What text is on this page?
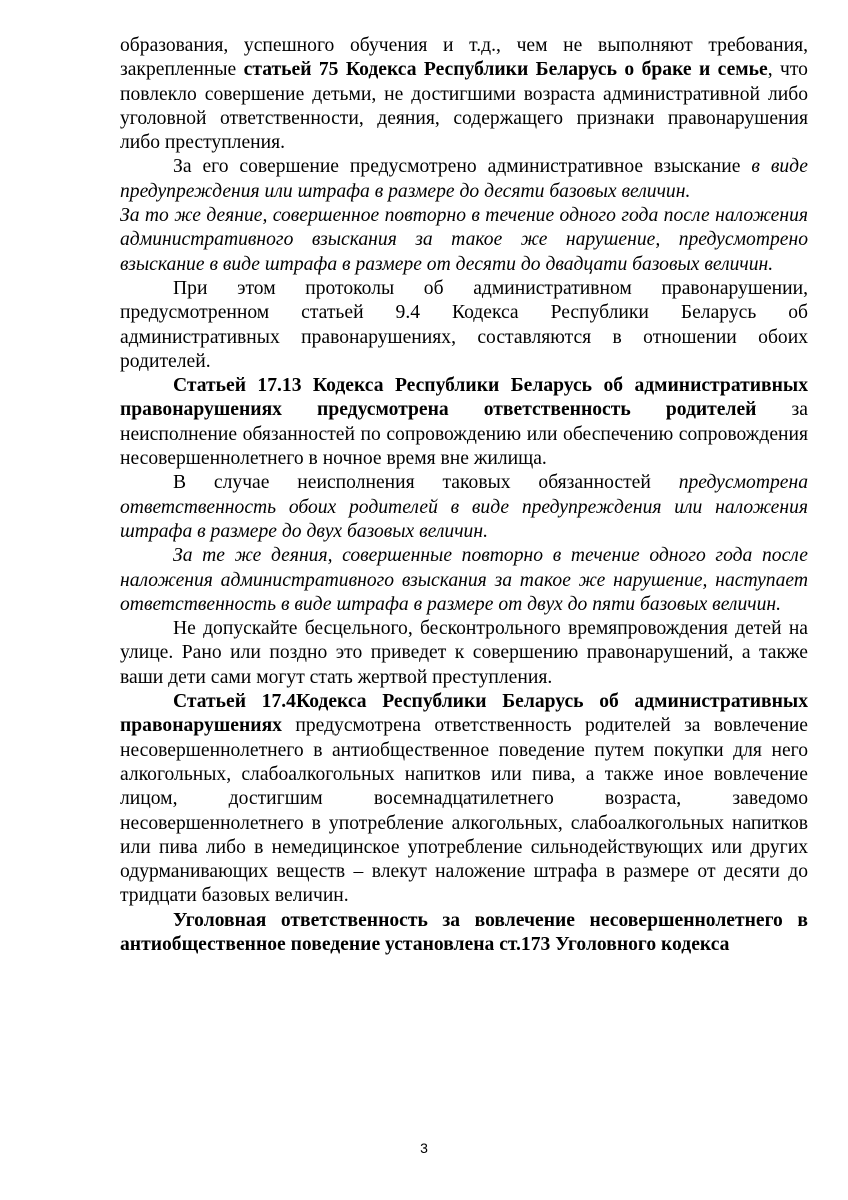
образования, успешного обучения и т.д., чем не выполняют требования, закрепленные статьей 75 Кодекса Республики Беларусь о браке и семье, что повлекло совершение детьми, не достигшими возраста административной либо уголовной ответственности, деяния, содержащего признаки правонарушения либо преступления.

За его совершение предусмотрено административное взыскание в виде предупреждения или штрафа в размере до десяти базовых величин.

За то же деяние, совершенное повторно в течение одного года после наложения административного взыскания за такое же нарушение, предусмотрено взыскание в виде штрафа в размере от десяти до двадцати базовых величин.

При этом протоколы об административном правонарушении, предусмотренном статьей 9.4 Кодекса Республики Беларусь об административных правонарушениях, составляются в отношении обоих родителей.

Статьей 17.13 Кодекса Республики Беларусь об административных правонарушениях предусмотрена ответственность родителей за неисполнение обязанностей по сопровождению или обеспечению сопровождения несовершеннолетнего в ночное время вне жилища.

В случае неисполнения таковых обязанностей предусмотрена ответственность обоих родителей в виде предупреждения или наложения штрафа в размере до двух базовых величин.

За те же деяния, совершенные повторно в течение одного года после наложения административного взыскания за такое же нарушение, наступает ответственность в виде штрафа в размере от двух до пяти базовых величин.

Не допускайте бесцельного, бесконтрольного времяпровождения детей на улице. Рано или поздно это приведет к совершению правонарушений, а также ваши дети сами могут стать жертвой преступления.

Статьей 17.4Кодекса Республики Беларусь об административных правонарушениях предусмотрена ответственность родителей за вовлечение несовершеннолетнего в антиобщественное поведение путем покупки для него алкогольных, слабоалкогольных напитков или пива, а также иное вовлечение лицом, достигшим восемнадцатилетнего возраста, заведомо несовершеннолетнего в употребление алкогольных, слабоалкогольных напитков или пива либо в немедицинское употребление сильнодействующих или других одурманивающих веществ – влекут наложение штрафа в размере от десяти до тридцати базовых величин.

Уголовная ответственность за вовлечение несовершеннолетнего в антиобщественное поведение установлена ст.173 Уголовного кодекса

3
